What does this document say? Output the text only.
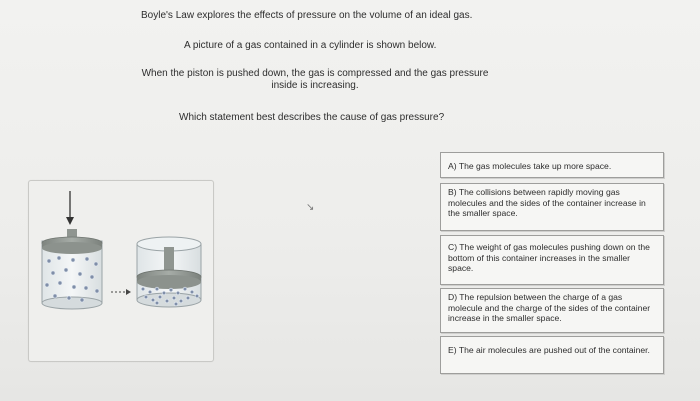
Boyle's Law explores the effects of pressure on the volume of an ideal gas.
A picture of a gas contained in a cylinder is shown below.
When the piston is pushed down, the gas is compressed and the gas pressure inside is increasing.
Which statement best describes the cause of gas pressure?
↘
A) The gas molecules take up more space.
B) The collisions between rapidly moving gas molecules and the sides of the container increase in the smaller space.
C) The weight of gas molecules pushing down on the bottom of this container increases in the smaller space.
D) The repulsion between the charge of a gas molecule and the charge of the sides of the container increase in the smaller space.
E) The air molecules are pushed out of the container.
